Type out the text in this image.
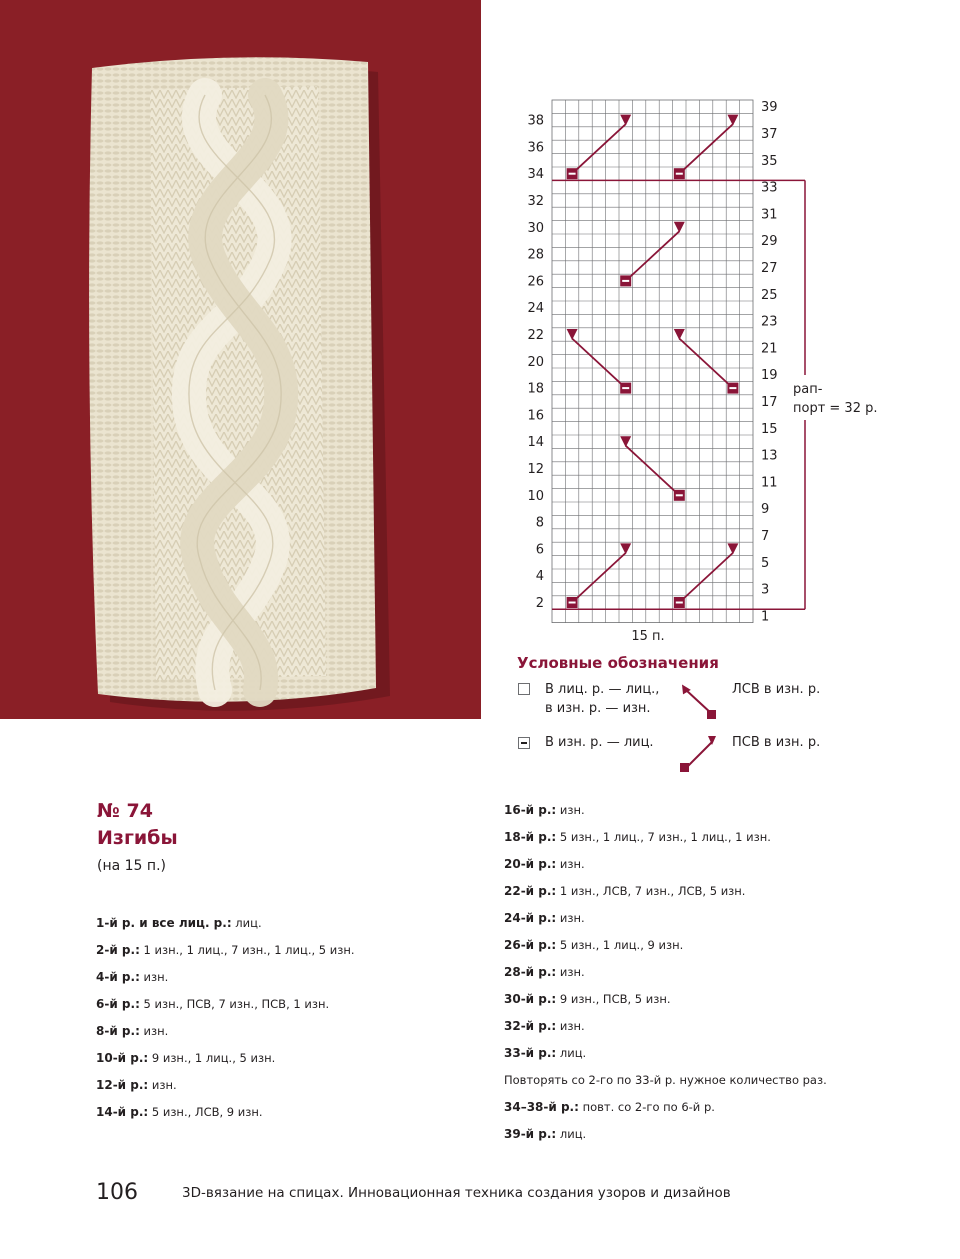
2
4
6
8
10
12
14
16
18
20
22
24
26
28
30
32
34
36
38
1
3
5
7
9
11
13
15
17
19
21
23
25
27
29
31
33
35
37
39
15 п.
рап-
порт = 32 р.
Условные обозначения
В лиц. р. — лиц.,
в изн. р. — изн.
В изн. р. — лиц.
ЛСВ в изн. р.
ПСВ в изн. р.
№ 74
Изгибы
(на 15 п.)
1-й р. и все лиц. р.: лиц.
2-й р.: 1 изн., 1 лиц., 7 изн., 1 лиц., 5 изн.
4-й р.: изн.
6-й р.: 5 изн., ПСВ, 7 изн., ПСВ, 1 изн.
8-й р.: изн.
10-й р.: 9 изн., 1 лиц., 5 изн.
12-й р.: изн.
14-й р.: 5 изн., ЛСВ, 9 изн.
16-й р.: изн.
18-й р.: 5 изн., 1 лиц., 7 изн., 1 лиц., 1 изн.
20-й р.: изн.
22-й р.: 1 изн., ЛСВ, 7 изн., ЛСВ, 5 изн.
24-й р.: изн.
26-й р.: 5 изн., 1 лиц., 9 изн.
28-й р.: изн.
30-й р.: 9 изн., ПСВ, 5 изн.
32-й р.: изн.
33-й р.: лиц.
Повторять со 2-го по 33-й р. нужное количество раз.
34–38-й р.: повт. со 2-го по 6-й р.
39-й р.: лиц.
106	3D-вязание на спицах. Инновационная техника создания узоров и дизайнов
